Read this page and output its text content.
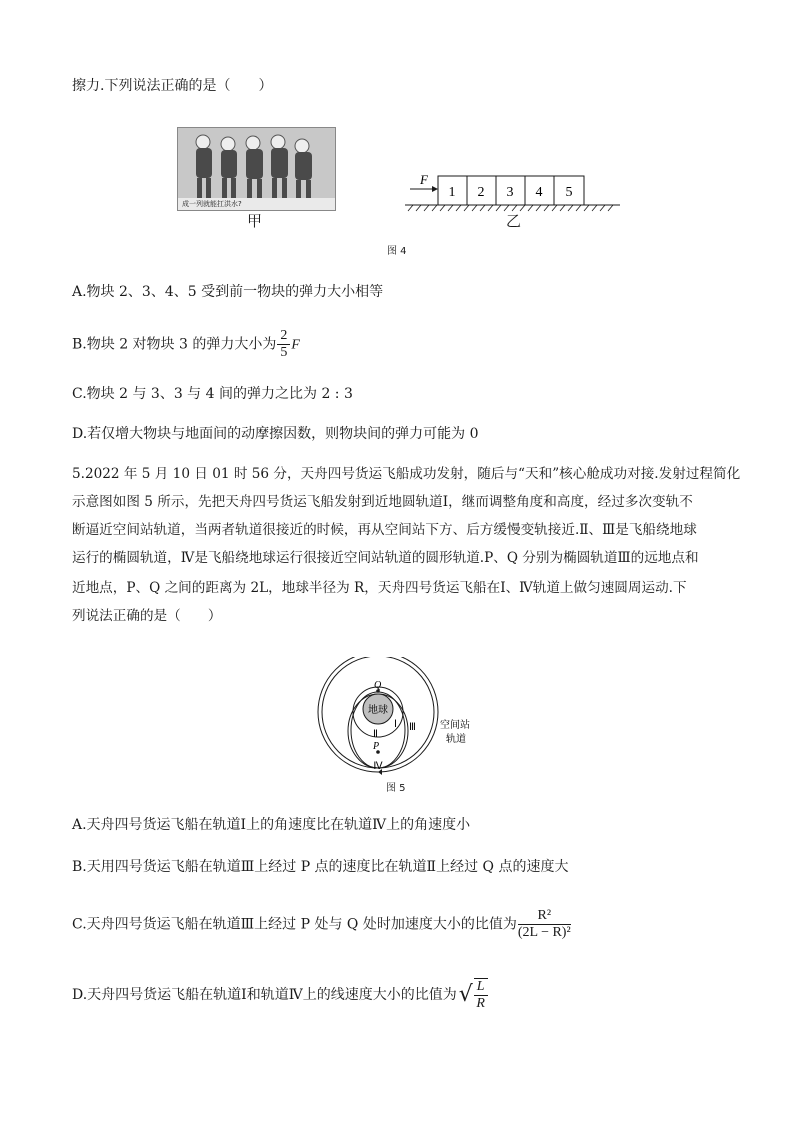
擦力.下列说法正确的是（　　）
成一列就能扛洪水?
甲
F
1 2 3 4 5
乙
图 4
A.物块 2、3、4、5 受到前一物块的弹力大小相等
B.物块 2 对物块 3 的弹力大小为 $\frac{2}{5}$ F
C.物块 2 与 3、3 与 4 间的弹力之比为 2 : 3
D.若仅增大物块与地面间的动摩擦因数，则物块间的弹力可能为 0
5.2022 年 5 月 10 日 01 时 56 分，天舟四号货运飞船成功发射，随后与“天和”核心舱成功对接.发射过程简化
示意图如图 5 所示，先把天舟四号货运飞船发射到近地圆轨道Ⅰ，继而调整角度和高度，经过多次变轨不
断逼近空间站轨道，当两者轨道很接近的时候，再从空间站下方、后方缓慢变轨接近.Ⅱ、Ⅲ是飞船绕地球
运行的椭圆轨道，Ⅳ是飞船绕地球运行很接近空间站轨道的圆形轨道.P、Q 分别为椭圆轨道Ⅲ的远地点和
近地点，P、Q 之间的距离为 2L，地球半径为 R，天舟四号货运飞船在Ⅰ、Ⅳ轨道上做匀速圆周运动.下
列说法正确的是（　　）
地球
Q
P
Ⅰ
Ⅱ
Ⅲ
Ⅳ
空间站
轨道
图 5
A.天舟四号货运飞船在轨道Ⅰ上的角速度比在轨道Ⅳ上的角速度小
B.天用四号货运飞船在轨道Ⅲ上经过 P 点的速度比在轨道Ⅱ上经过 Q 点的速度大
C.天舟四号货运飞船在轨道Ⅲ上经过 P 处与 Q 处时加速度大小的比值为 $\frac{\text{R²}}{\text{(2L − R)²}}$
D.天舟四号货运飞船在轨道Ⅰ和轨道Ⅳ上的线速度大小的比值为√ $\frac{L}{R}$
